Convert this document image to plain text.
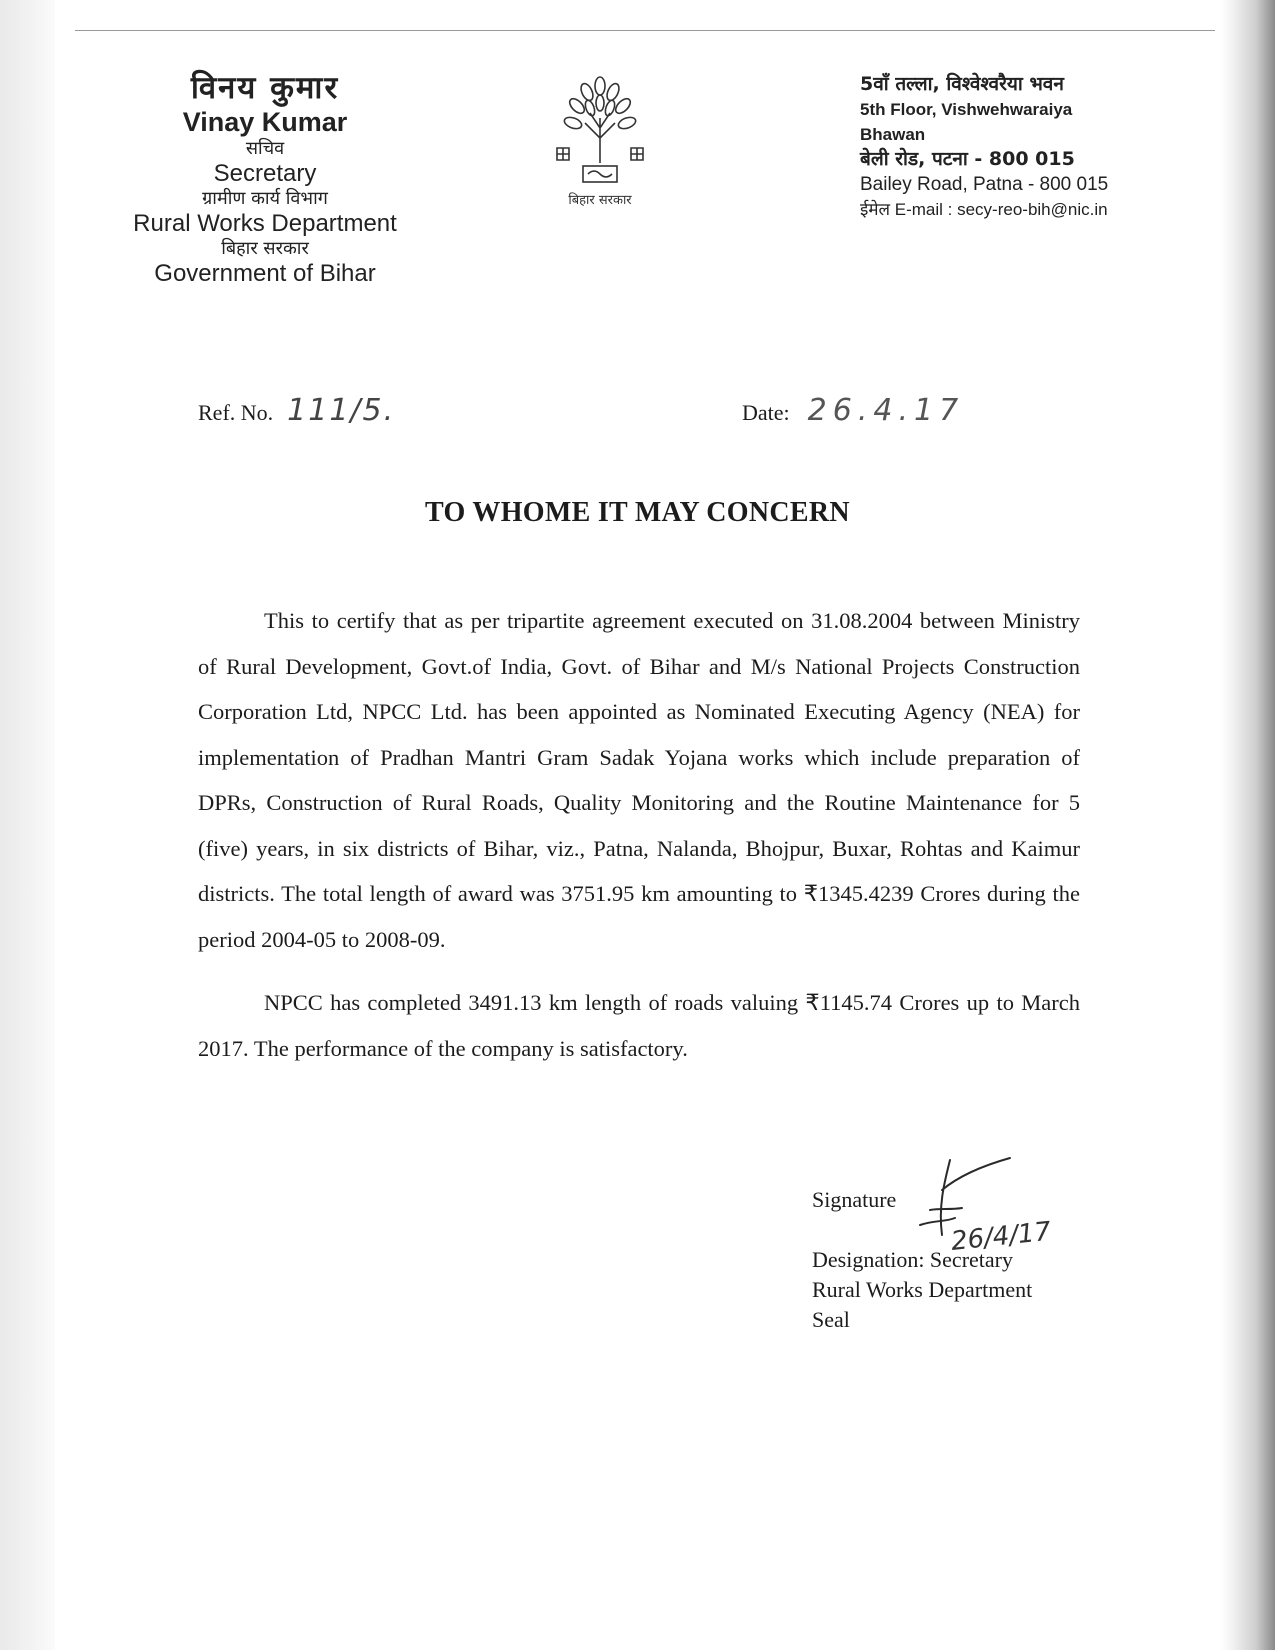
विनय कुमार
Vinay Kumar
सचिव
Secretary
ग्रामीण कार्य विभाग
Rural Works Department
बिहार सरकार
Government of Bihar
बिहार सरकार
5वाँ तल्ला, विश्वेश्वरैया भवन
5th Floor, Vishwehwaraiya Bhawan
बेली रोड, पटना - 800 015
Bailey Road, Patna - 800 015
ईमेल E-mail : secy-reo-bih@nic.in
Ref. No. 111/5.	Date: 26.4.17
TO WHOME IT MAY CONCERN

This to certify that as per tripartite agreement executed on 31.08.2004 between Ministry of Rural Development, Govt.of India, Govt. of Bihar and M/s National Projects Construction Corporation Ltd, NPCC Ltd. has been appointed as Nominated Executing Agency (NEA) for implementation of Pradhan Mantri Gram Sadak Yojana works which include preparation of DPRs, Construction of Rural Roads, Quality Monitoring and the Routine Maintenance for 5 (five) years, in six districts of Bihar, viz., Patna, Nalanda, Bhojpur, Buxar, Rohtas and Kaimur districts. The total length of award was 3751.95 km amounting to ₹1345.4239 Crores during the period 2004-05 to 2008-09.

NPCC has completed 3491.13 km length of roads valuing ₹1145.74 Crores up to March 2017. The performance of the company is satisfactory.

Signature
Designation: Secretary
Rural Works Department
Seal
26/4/17
